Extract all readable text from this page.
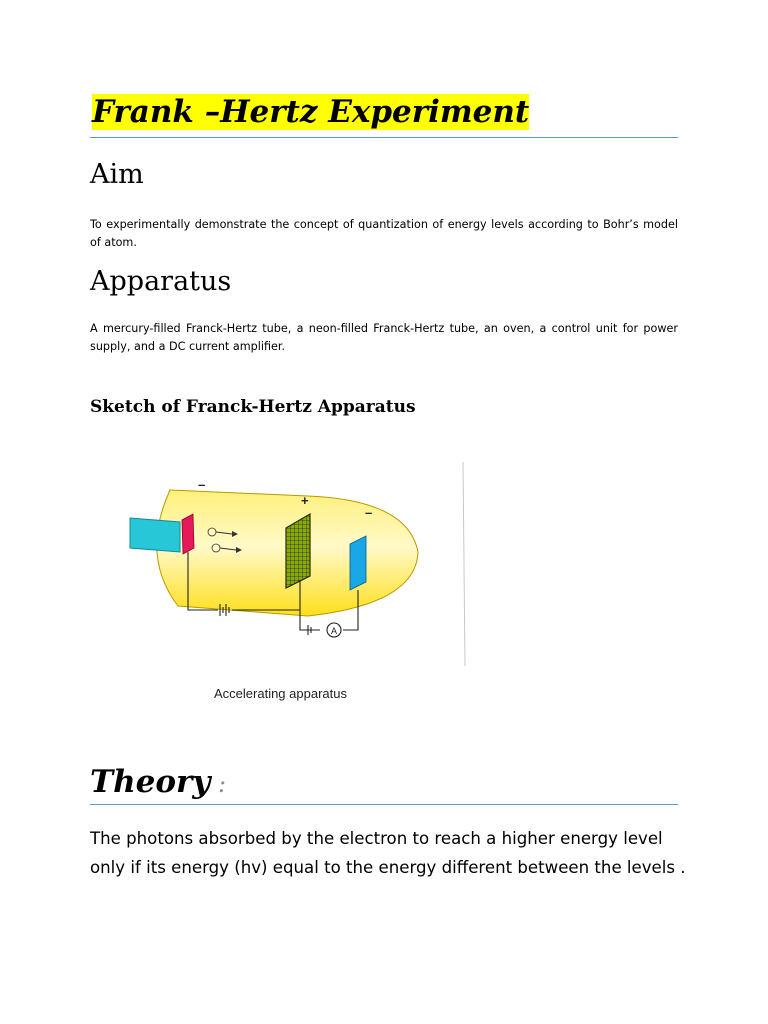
Frank –Hertz Experiment
Aim

To experimentally demonstrate the concept of quantization of energy levels according to Bohr’s model of atom.

Apparatus

A mercury-filled Franck-Hertz tube, a neon-filled Franck-Hertz tube, an oven, a control unit for power supply, and a DC current amplifier.

Sketch of Franck-Hertz Apparatus
A
–
+
–
Accelerating apparatus
Theory :

The photons absorbed by the electron to reach a higher energy level only if its energy (hv) equal to the energy different between the levels .
